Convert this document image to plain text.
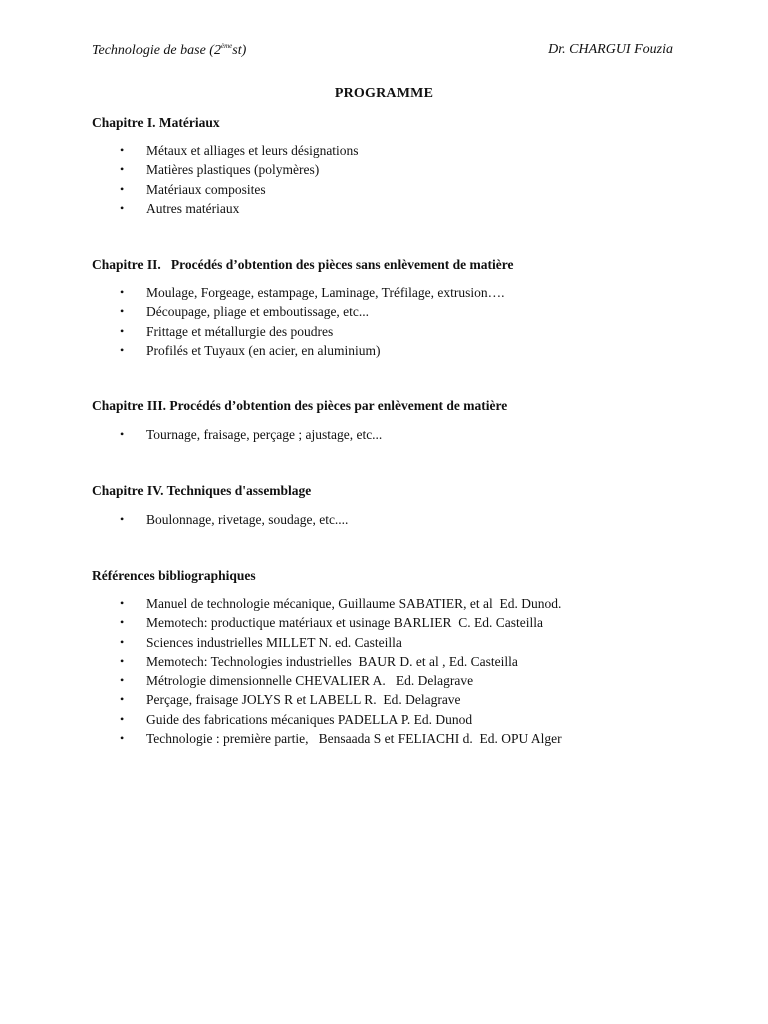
Technologie de base (2èmest)	Dr. CHARGUI Fouzia
PROGRAMME
Chapitre I. Matériaux
• Métaux et alliages et leurs désignations
• Matières plastiques (polymères)
• Matériaux composites
• Autres matériaux
Chapitre II.   Procédés d’obtention des pièces sans enlèvement de matière
• Moulage, Forgeage, estampage, Laminage, Tréfilage, extrusion….
• Découpage, pliage et emboutissage, etc...
• Frittage et métallurgie des poudres
• Profilés et Tuyaux (en acier, en aluminium)
Chapitre III. Procédés d’obtention des pièces par enlèvement de matière
• Tournage, fraisage, perçage ; ajustage, etc...
Chapitre IV. Techniques d'assemblage
• Boulonnage, rivetage, soudage, etc....
Références bibliographiques
• Manuel de technologie mécanique, Guillaume SABATIER, et al  Ed. Dunod.
• Memotech: productique matériaux et usinage BARLIER  C. Ed. Casteilla
• Sciences industrielles MILLET N. ed. Casteilla
• Memotech: Technologies industrielles  BAUR D. et al , Ed. Casteilla
• Métrologie dimensionnelle CHEVALIER A.   Ed. Delagrave
• Perçage, fraisage JOLYS R et LABELL R.  Ed. Delagrave
• Guide des fabrications mécaniques PADELLA P. Ed. Dunod
• Technologie : première partie,   Bensaada S et FELIACHI d.  Ed. OPU Alger
